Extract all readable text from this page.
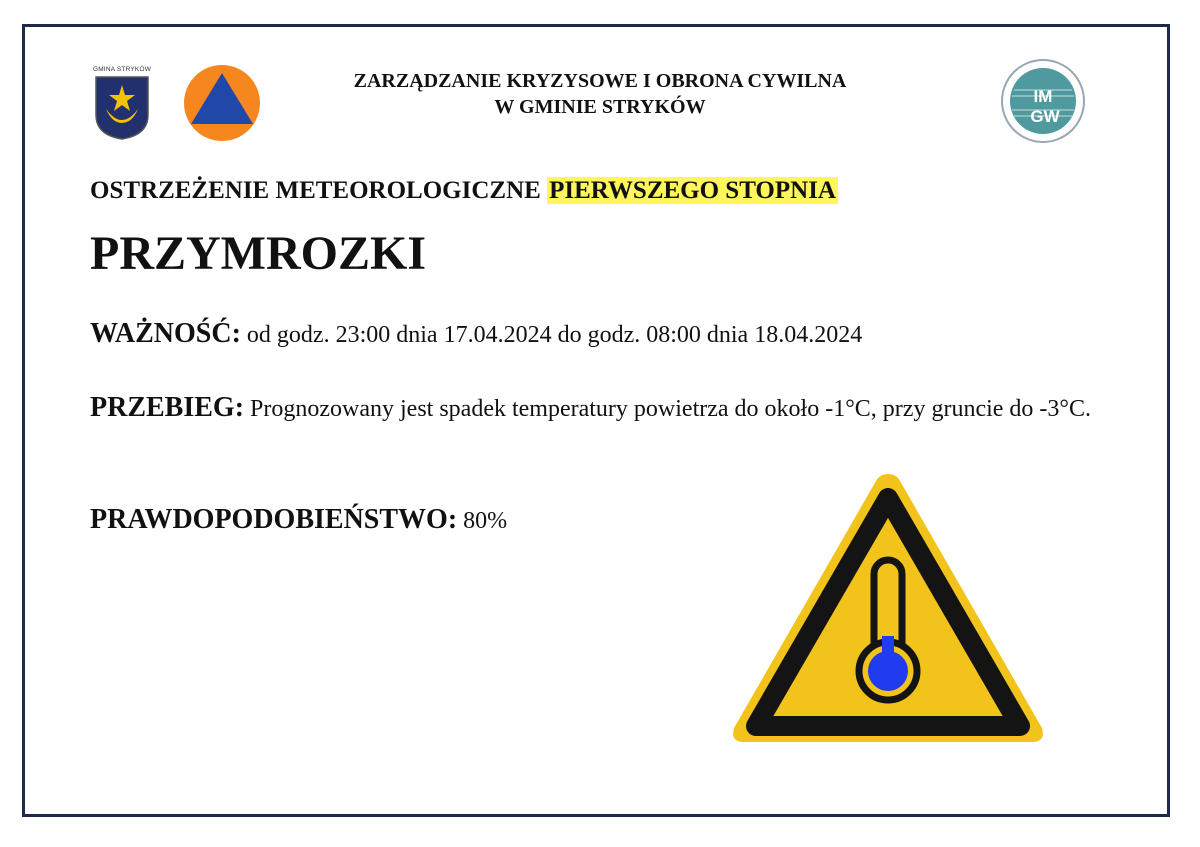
GMINA STRYKÓW
ZARZĄDZANIE KRYZYSOWE I OBRONA CYWILNA
W GMINIE STRYKÓW	IM
GW
OSTRZEŻENIE METEOROLOGICZNE PIERWSZEGO STOPNIA
PRZYMROZKI
WAŻNOŚĆ: od godz. 23:00 dnia 17.04.2024 do godz. 08:00 dnia 18.04.2024
PRZEBIEG: Prognozowany jest spadek temperatury powietrza do około -1°C, przy gruncie do -3°C.
PRAWDOPODOBIEŃSTWO: 80%
